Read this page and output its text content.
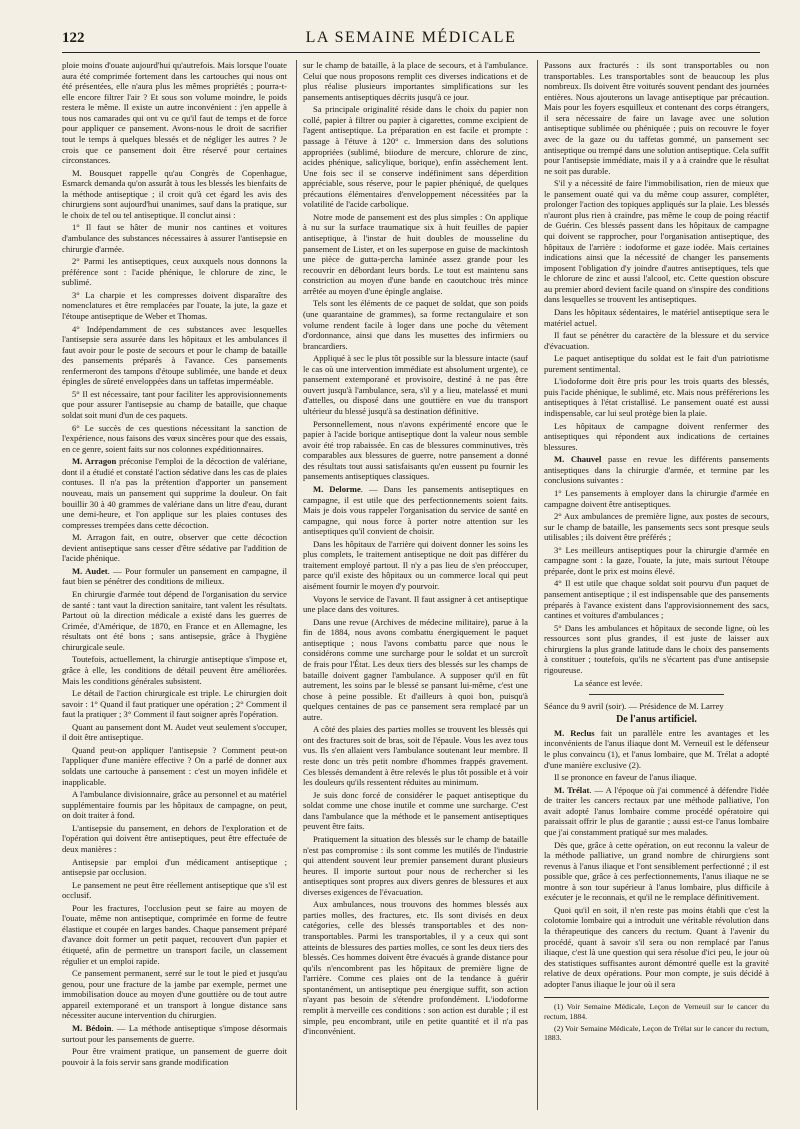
122	LA SEMAINE MÉDICALE

ploie moins d'ouate aujourd'hui qu'autrefois. Mais lorsque l'ouate aura été comprimée fortement dans les cartouches qui nous ont été présentées, elle n'aura plus les mêmes propriétés ; pourra-t-elle encore filtrer l'air ? Et sous son volume moindre, le poids restera le même. Il existe un autre inconvénient : j'en appelle à tous nos camarades qui ont vu ce qu'il faut de temps et de force pour appliquer ce pansement. Avons-nous le droit de sacrifier tout le temps à quelques blessés et de négliger les autres ? Je crois que ce pansement doit être réservé pour certaines circonstances.

M. Bousquet rappelle qu'au Congrès de Copenhague, Esmarck demanda qu'on assurât à tous les blessés les bienfaits de la méthode antiseptique ; il croit qu'à cet égard les avis des chirurgiens sont aujourd'hui unanimes, sauf dans la pratique, sur le choix de tel ou tel antiseptique. Il conclut ainsi :

1° Il faut se hâter de munir nos cantines et voitures d'ambulance des substances nécessaires à assurer l'antisepsie en chirurgie d'armée.

2° Parmi les antiseptiques, ceux auxquels nous donnons la préférence sont : l'acide phénique, le chlorure de zinc, le sublimé.

3° La charpie et les compresses doivent disparaître des nomenclatures et être remplacées par l'ouate, la jute, la gaze et l'étoupe antiseptique de Weber et Thomas.

4° Indépendamment de ces substances avec lesquelles l'antisepsie sera assurée dans les hôpitaux et les ambulances il faut avoir pour le poste de secours et pour le champ de bataille des pansements préparés à l'avance. Ces pansements renfermeront des tampons d'étoupe sublimée, une bande et deux épingles de sûreté enveloppées dans un taffetas imperméable.

5° Il est nécessaire, tant pour faciliter les approvisionnements que pour assurer l'antisepsie au champ de bataille, que chaque soldat soit muni d'un de ces paquets.

6° Le succès de ces questions nécessitant la sanction de l'expérience, nous faisons des vœux sincères pour que des essais, en ce genre, soient faits sur nos colonnes expéditionnaires.

M. Arragon préconise l'emploi de la décoction de valériane, dont il a étudié et constaté l'action sédative dans les cas de plaies contuses. Il n'a pas la prétention d'apporter un pansement nouveau, mais un pansement qui supprime la douleur. On fait bouillir 30 à 40 grammes de valériane dans un litre d'eau, durant une demi-heure, et l'on applique sur les plaies contuses des compresses trempées dans cette décoction.

M. Arragon fait, en outre, observer que cette décoction devient antiseptique sans cesser d'être sédative par l'addition de l'acide phénique.

M. Audet. — Pour formuler un pansement en campagne, il faut bien se pénétrer des conditions de milieux.

En chirurgie d'armée tout dépend de l'organisation du service de santé : tant vaut la direction sanitaire, tant valent les résultats. Partout où la direction médicale a existé dans les guerres de Crimée, d'Amérique, de 1870, en France et en Allemagne, les résultats ont été bons ; sans antisepsie, grâce à l'hygiène chirurgicale seule.

Toutefois, actuellement, la chirurgie antiseptique s'impose et, grâce à elle, les conditions de détail peuvent être améliorées. Mais les conditions générales subsistent.

Le détail de l'action chirurgicale est triple. Le chirurgien doit savoir : 1° Quand il faut pratiquer une opération ; 2° Comment il faut la pratiquer ; 3° Comment il faut soigner après l'opération.

Quant au pansement dont M. Audet veut seulement s'occuper, il doit être antiseptique.

Quand peut-on appliquer l'antisepsie ? Comment peut-on l'appliquer d'une manière effective ? On a parlé de donner aux soldats une cartouche à pansement : c'est un moyen infidèle et inapplicable.

A l'ambulance divisionnaire, grâce au personnel et au matériel supplémentaire fournis par les hôpitaux de campagne, on peut, on doit traiter à fond.

L'antisepsie du pansement, en dehors de l'exploration et de l'opération qui doivent être antiseptiques, peut être effectuée de deux manières :

Antisepsie par emploi d'un médicament antiseptique ; antisepsie par occlusion.

Le pansement ne peut être réellement antiseptique que s'il est occlusif.

Pour les fractures, l'occlusion peut se faire au moyen de l'ouate, même non antiseptique, comprimée en forme de feutre élastique et coupée en larges bandes. Chaque pansement préparé d'avance doit former un petit paquet, recouvert d'un papier et étiqueté, afin de permettre un transport facile, un classement régulier et un emploi rapide.

Ce pansement permanent, serré sur le tout le pied et jusqu'au genou, pour une fracture de la jambe par exemple, permet une immobilisation douce au moyen d'une gouttière ou de tout autre appareil extemporané et un transport à longue distance sans nécessiter aucune intervention du chirurgien.

M. Bédoin. — La méthode antiseptique s'impose désormais surtout pour les pansements de guerre.

Pour être vraiment pratique, un pansement de guerre doit pouvoir à la fois servir sans grande modification

sur le champ de bataille, à la place de secours, et à l'ambulance. Celui que nous proposons remplit ces diverses indications et de plus réalise plusieurs importantes simplifications sur les pansements antiseptiques décrits jusqu'à ce jour.

Sa principale originalité réside dans le choix du papier non collé, papier à filtrer ou papier à cigarettes, comme excipient de l'agent antiseptique. La préparation en est facile et prompte : passage à l'étuve à 120° c. Immersion dans des solutions appropriées (sublimé, biiodure de mercure, chlorure de zinc, acides phénique, salicylique, borique), enfin assèchement lent. Une fois sec il se conserve indéfiniment sans déperdition appréciable, sous réserve, pour le papier phéniqué, de quelques précautions élémentaires d'enveloppement nécessitées par la volatilité de l'acide carbolique.

Notre mode de pansement est des plus simples : On applique à nu sur la surface traumatique six à huit feuilles de papier antiseptique, à l'instar de huit doubles de mousseline du pansement de Lister, et on les superpose en guise de mackintosh une pièce de gutta-percha laminée assez grande pour les recouvrir en débordant leurs bords. Le tout est maintenu sans constriction au moyen d'une bande en caoutchouc très mince arrêtée au moyen d'une épingle anglaise.

Tels sont les éléments de ce paquet de soldat, que son poids (une quarantaine de grammes), sa forme rectangulaire et son volume rendent facile à loger dans une poche du vêtement d'ordonnance, ainsi que dans les musettes des infirmiers ou brancardiers.

Appliqué à sec le plus tôt possible sur la blessure intacte (sauf le cas où une intervention immédiate est absolument urgente), ce pansement extemporané et provisoire, destiné à ne pas être ouvert jusqu'à l'ambulance, sera, s'il y a lieu, matelassé et muni d'attelles, ou disposé dans une gouttière en vue du transport ultérieur du blessé jusqu'à sa destination définitive.

Personnellement, nous n'avons expérimenté encore que le papier à l'acide borique antiseptique dont la valeur nous semble avoir été trop rabaissée. En cas de blessures comminutives, très comparables aux blessures de guerre, notre pansement a donné des résultats tout aussi satisfaisants qu'en eussent pu fournir les pansements antiseptiques classiques.

M. Delorme. — Dans les pansements antiseptiques en campagne, il est utile que des perfectionnements soient faits. Mais je dois vous rappeler l'organisation du service de santé en campagne, qui nous force à porter notre attention sur les antiseptiques qu'il convient de choisir.

Dans les hôpitaux de l'arrière qui doivent donner les soins les plus complets, le traitement antiseptique ne doit pas différer du traitement employé partout. Il n'y a pas lieu de s'en préoccuper, parce qu'il existe des hôpitaux ou un commerce local qui peut aisément fournir le moyen d'y pourvoir.

Voyons le service de l'avant. Il faut assigner à cet antiseptique une place dans des voitures.

Dans une revue (Archives de médecine militaire), parue à la fin de 1884, nous avons combattu énergiquement le paquet antiseptique ; nous l'avons combattu parce que nous le considérons comme une surcharge pour le soldat et un surcroît de frais pour l'État. Les deux tiers des blessés sur les champs de bataille doivent gagner l'ambulance. A supposer qu'il en fût autrement, les soins par le blessé se pansant lui-même, c'est une chose à peine possible. Et d'ailleurs à quoi bon, puisqu'à quelques centaines de pas ce pansement sera remplacé par un autre.

A côté des plaies des parties molles se trouvent les blessés qui ont des fractures soit de bras, soit de l'épaule. Vous les avez tous vus. Ils s'en allaient vers l'ambulance soutenant leur membre. Il reste donc un très petit nombre d'hommes frappés gravement. Ces blessés demandent à être relevés le plus tôt possible et à voir les douleurs qu'ils ressentent réduites au minimum.

Je suis donc forcé de considérer le paquet antiseptique du soldat comme une chose inutile et comme une surcharge. C'est dans l'ambulance que la méthode et le pansement antiseptiques peuvent être faits.

Pratiquement la situation des blessés sur le champ de bataille n'est pas compromise : ils sont comme les mutilés de l'industrie qui attendent souvent leur premier pansement durant plusieurs heures. Il importe surtout pour nous de rechercher si les antiseptiques sont propres aux divers genres de blessures et aux diverses exigences de l'évacuation.

Aux ambulances, nous trouvons des hommes blessés aux parties molles, des fractures, etc. Ils sont divisés en deux catégories, celle des blessés transportables et des non-transportables. Parmi les transportables, il y a ceux qui sont atteints de blessures des parties molles, ce sont les deux tiers des blessés. Ces hommes doivent être évacués à grande distance pour qu'ils n'encombrent pas les hôpitaux de première ligne de l'arrière. Comme ces plaies ont de la tendance à guérir spontanément, un antiseptique peu énergique suffit, son action n'ayant pas besoin de s'étendre profondément. L'iodoforme remplit à merveille ces conditions : son action est durable ; il est simple, peu encombrant, utile en petite quantité et il n'a pas d'inconvénient.

Passons aux fracturés : ils sont transportables ou non transportables. Les transportables sont de beaucoup les plus nombreux. Ils doivent être voiturés souvent pendant des journées entières. Nous ajouterons un lavage antiseptique par précaution. Mais pour les foyers esquilleux et contenant des corps étrangers, il sera nécessaire de faire un lavage avec une solution antiseptique sublimée ou phéniquée ; puis on recouvre le foyer avec de la gaze ou du taffetas gommé, un pansement sec antiseptique ou trempé dans une solution antiseptique. Cela suffit pour l'antisepsie immédiate, mais il y a à craindre que le résultat ne soit pas durable.

S'il y a nécessité de faire l'immobilisation, rien de mieux que le pansement ouaté qui va du même coup assurer, compléter, prolonger l'action des topiques appliqués sur la plaie. Les blessés n'auront plus rien à craindre, pas même le coup de poing réactif de Guérin. Ces blessés passent dans les hôpitaux de campagne qui doivent se rapprocher, pour l'organisation antiseptique, des hôpitaux de l'arrière : iodoforme et gaze iodée. Mais certaines indications ainsi que la nécessité de changer les pansements imposent l'obligation d'y joindre d'autres antiseptiques, tels que le chlorure de zinc et aussi l'alcool, etc. Cette question obscure au premier abord devient facile quand on s'inspire des conditions dans lesquelles se trouvent les antiseptiques.

Dans les hôpitaux sédentaires, le matériel antiseptique sera le matériel actuel.

Il faut se pénétrer du caractère de la blessure et du service d'évacuation.

Le paquet antiseptique du soldat est le fait d'un patriotisme purement sentimental.

L'iodoforme doit être pris pour les trois quarts des blessés, puis l'acide phénique, le sublimé, etc. Mais nous préférerions les antiseptiques à l'état cristallisé. Le pansement ouaté est aussi indispensable, car lui seul protège bien la plaie.

Les hôpitaux de campagne doivent renfermer des antiseptiques qui répondent aux indications de certaines blessures.

M. Chauvel passe en revue les différents pansements antiseptiques dans la chirurgie d'armée, et termine par les conclusions suivantes :

1° Les pansements à employer dans la chirurgie d'armée en campagne doivent être antiseptiques.

2° Aux ambulances de première ligne, aux postes de secours, sur le champ de bataille, les pansements secs sont presque seuls utilisables ; ils doivent être préférés ;

3° Les meilleurs antiseptiques pour la chirurgie d'armée en campagne sont : la gaze, l'ouate, la jute, mais surtout l'étoupe préparée, dont le prix est moins élevé.

4° Il est utile que chaque soldat soit pourvu d'un paquet de pansement antiseptique ; il est indispensable que des pansements préparés à l'avance existent dans l'approvisionnement des sacs, cantines et voitures d'ambulances ;

5° Dans les ambulances et hôpitaux de seconde ligne, où les ressources sont plus grandes, il est juste de laisser aux chirurgiens la plus grande latitude dans le choix des pansements à constituer ; toutefois, qu'ils ne s'écartent pas d'une antisepsie rigoureuse.

La séance est levée.

Séance du 9 avril (soir). — Présidence de M. Larrey

De l'anus artificiel.

M. Reclus fait un parallèle entre les avantages et les inconvénients de l'anus iliaque dont M. Verneuil est le défenseur le plus convaincu (1), et l'anus lombaire, que M. Trélat a adopté d'une manière exclusive (2).

Il se prononce en faveur de l'anus iliaque.

M. Trélat. — A l'époque où j'ai commencé à défendre l'idée de traiter les cancers rectaux par une méthode palliative, l'on avait adopté l'anus lombaire comme procédé opératoire qui paraissait offrir le plus de garantie ; aussi est-ce l'anus lombaire que j'ai constamment pratiqué sur mes malades.

Dès que, grâce à cette opération, on eut reconnu la valeur de la méthode palliative, un grand nombre de chirurgiens sont revenus à l'anus iliaque et l'ont sensiblement perfectionné ; il est possible que, grâce à ces perfectionnements, l'anus iliaque ne se montre à son tour supérieur à l'anus lombaire, plus difficile à exécuter je le reconnais, et qu'il ne le remplace définitivement.

Quoi qu'il en soit, il n'en reste pas moins établi que c'est la colotomie lombaire qui a introduit une véritable révolution dans la thérapeutique des cancers du rectum. Quant à l'avenir du procédé, quant à savoir s'il sera ou non remplacé par l'anus iliaque, c'est là une question qui sera résolue d'ici peu, le jour où des statistiques suffisantes auront démontré quelle est la gravité relative de deux opérations. Pour mon compte, je suis décidé à adopter l'anus iliaque le jour où il sera

(1) Voir Semaine Médicale, Leçon de Verneuil sur le cancer du rectum, 1884.

(2) Voir Semaine Médicale, Leçon de Trélat sur le cancer du rectum, 1883.
